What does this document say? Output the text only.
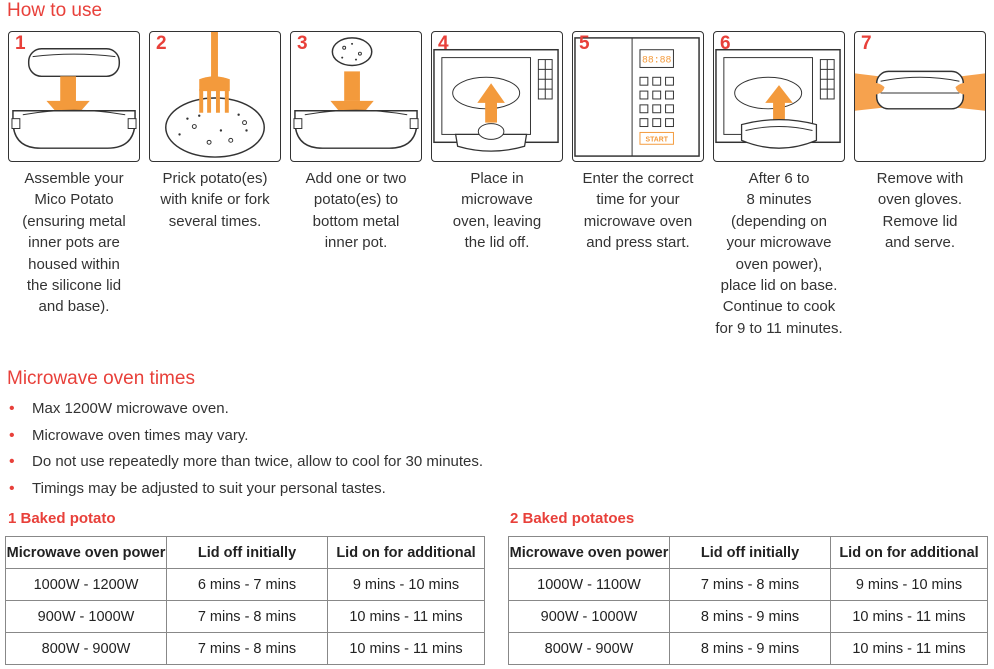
How to use
1	2	3	4	5
88:88
START
6	7
Assemble your
Mico Potato
(ensuring metal
inner pots are
housed within
the silicone lid
and base).
Prick potato(es)
with knife or fork
several times.
Add one or two
potato(es) to
bottom metal
inner pot.
Place in
microwave
oven, leaving
the lid off.
Enter the correct
time for your
microwave oven
and press start.
After 6 to
8 minutes
(depending on
your microwave
oven power),
place lid on base.
Continue to cook
for 9 to 11 minutes.
Remove with
oven gloves.
Remove lid
and serve.
Microwave oven times
• Max 1200W microwave oven.
• Microwave oven times may vary.
• Do not use repeatedly more than twice, allow to cool for 30 minutes.
• Timings may be adjusted to suit your personal tastes.
1 Baked potato
Microwave oven power	Lid off initially	Lid on for additional
1000W - 1200W	6 mins - 7 mins	9 mins - 10 mins
900W - 1000W	7 mins - 8 mins	10 mins - 11 mins
800W - 900W	7 mins - 8 mins	10 mins - 11 mins
2 Baked potatoes
Microwave oven power	Lid off initially	Lid on for additional
1000W - 1100W	7 mins - 8 mins	9 mins - 10 mins
900W - 1000W	8 mins - 9 mins	10 mins - 11 mins
800W - 900W	8 mins - 9 mins	10 mins - 11 mins
